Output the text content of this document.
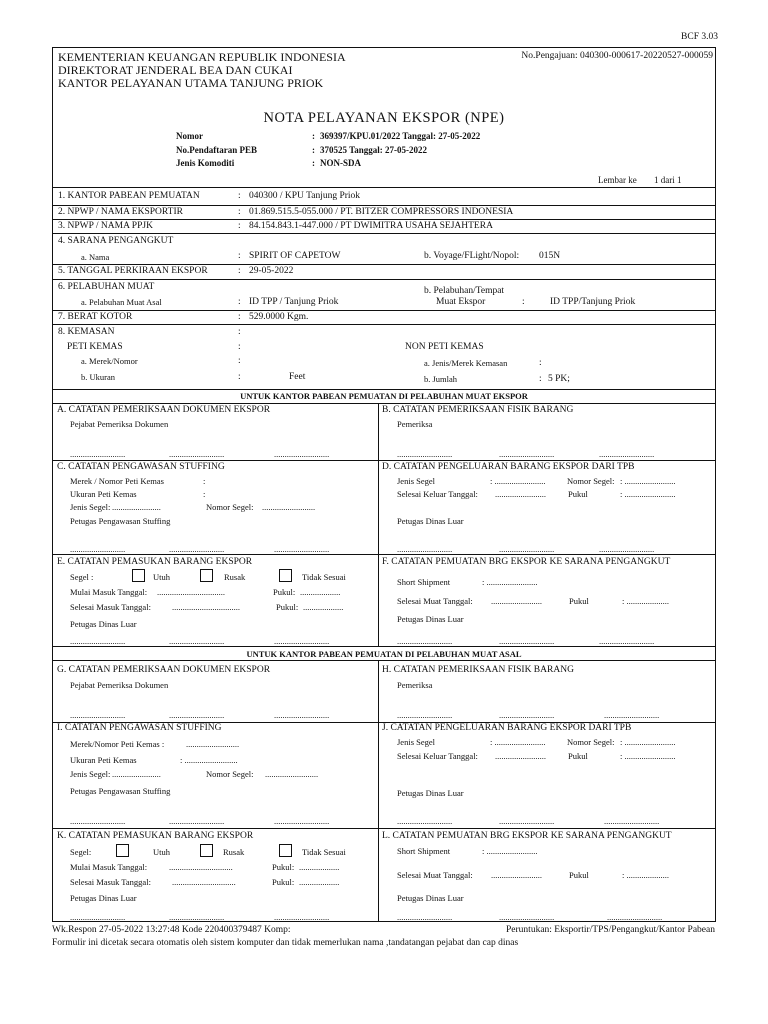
BCF 3.03
KEMENTERIAN KEUANGAN REPUBLIK INDONESIA
DIREKTORAT JENDERAL BEA DAN CUKAI
KANTOR PELAYANAN UTAMA TANJUNG PRIOK
No.Pengajuan: 040300-000617-20220527-000059
NOTA PELAYANAN EKSPOR (NPE)
Nomor	: 369397/KPU.01/2022 Tanggal: 27-05-2022
No.Pendaftaran PEB	: 370525 Tanggal: 27-05-2022
Jenis Komoditi	: NON-SDA
Lembar ke 1 dari 1
1. KANTOR PABEAN PEMUATAN	: 040300 / KPU Tanjung Priok
2. NPWP / NAMA EKSPORTIR	: 01.869.515.5-055.000 / PT. BITZER COMPRESSORS INDONESIA
3. NPWP / NAMA PPJK	: 84.154.843.1-447.000 / PT DWIMITRA USAHA SEJAHTERA
4. SARANA PENGANGKUT
a. Nama	: SPIRIT OF CAPETOW	b. Voyage/FLight/Nopol: 015N
5. TANGGAL PERKIRAAN EKSPOR	: 29-05-2022
6. PELABUHAN MUAT
a. Pelabuhan Muat Asal	: ID TPP / Tanjung Priok
b. Pelabuhan/Tempat
Muat Ekspor	:	ID TPP/Tanjung Priok
7. BERAT KOTOR	: 529.0000 Kgm.
8. KEMASAN	:
PETI KEMAS	:
a. Merek/Nomor	:
b. Ukuran	:	Feet
NON PETI KEMAS
a. Jenis/Merek Kemasan	:
b. Jumlah	: 5 PK;
UNTUK KANTOR PABEAN PEMUATAN DI PELABUHAN MUAT EKSPOR
A. CATATAN PEMERIKSAAN DOKUMEN EKSPOR
Pejabat Pemeriksa Dokumen
..........................	..........................	..........................
B. CATATAN PEMERIKSAAN FISIK BARANG
Pemeriksa
..........................	..........................	..........................
C. CATATAN PENGAWASAN STUFFING
Merek / Nomor Peti Kemas	:
Ukuran Peti Kemas	:
Jenis Segel: .......................	Nomor Segel: .........................
Petugas Pengawasan Stuffing
..........................	..........................	..........................
D. CATATAN PENGELUARAN BARANG EKSPOR DARI TPB
Jenis Segel	: ........................	Nomor Segel: : ........................
Selesai Keluar Tanggal: ........................	Pukul	: ........................
Petugas Dinas Luar
..........................	..........................	..........................
E. CATATAN PEMASUKAN BARANG EKSPOR
Segel :	Utuh	Rusak	Tidak Sesuai
Mulai Masuk Tanggal: ................................	Pukul: ...................
Selesai Masuk Tanggal: ................................	Pukul: ...................
Petugas Dinas Luar
..........................	..........................	..........................
F. CATATAN PEMUATAN BRG EKSPOR KE SARANA PENGANGKUT
Short Shipment	: ........................
Selesai Muat Tanggal: ........................	Pukul	: ....................
Petugas Dinas Luar
..........................	..........................	..........................
UNTUK KANTOR PABEAN PEMUATAN DI PELABUHAN MUAT ASAL
G. CATATAN PEMERIKSAAN DOKUMEN EKSPOR
Pejabat Pemeriksa Dokumen
..........................	..........................	..........................
H. CATATAN PEMERIKSAAN FISIK BARANG
Pemeriksa
..........................	..........................	..........................
I. CATATAN PENGAWASAN STUFFING
Merek/Nomor Peti Kemas :	.........................
Ukuran Peti Kemas	: .........................
Jenis Segel: .......................	Nomor Segel: .........................
Petugas Pengawasan Stuffing
..........................	..........................	..........................
J. CATATAN PENGELUARAN BARANG EKSPOR DARI TPB
Jenis Segel	: ........................	Nomor Segel: : ........................
Selesai Keluar Tanggal: ........................	Pukul	: ........................
Petugas Dinas Luar
..........................	..........................	..........................
K. CATATAN PEMASUKAN BARANG EKSPOR
Segel:	Utuh	Rusak	Tidak Sesuai
Mulai Masuk Tanggal:	..............................	Pukul: ...................
Selesai Masuk Tanggal: ..............................	Pukul: ...................
Petugas Dinas Luar
..........................	..........................	..........................
L. CATATAN PEMUATAN BRG EKSPOR KE SARANA PENGANGKUT
Short Shipment	: ........................
Selesai Muat Tanggal: ........................	Pukul	: ....................
Petugas Dinas Luar
..........................	..........................	..........................
Wk.Respon 27-05-2022 13:27:48 Kode 220400379487 Komp:	Peruntukan: Eksportir/TPS/Pengangkut/Kantor Pabean
Formulir ini dicetak secara otomatis oleh sistem komputer dan tidak memerlukan nama ,tandatangan pejabat dan cap dinas
